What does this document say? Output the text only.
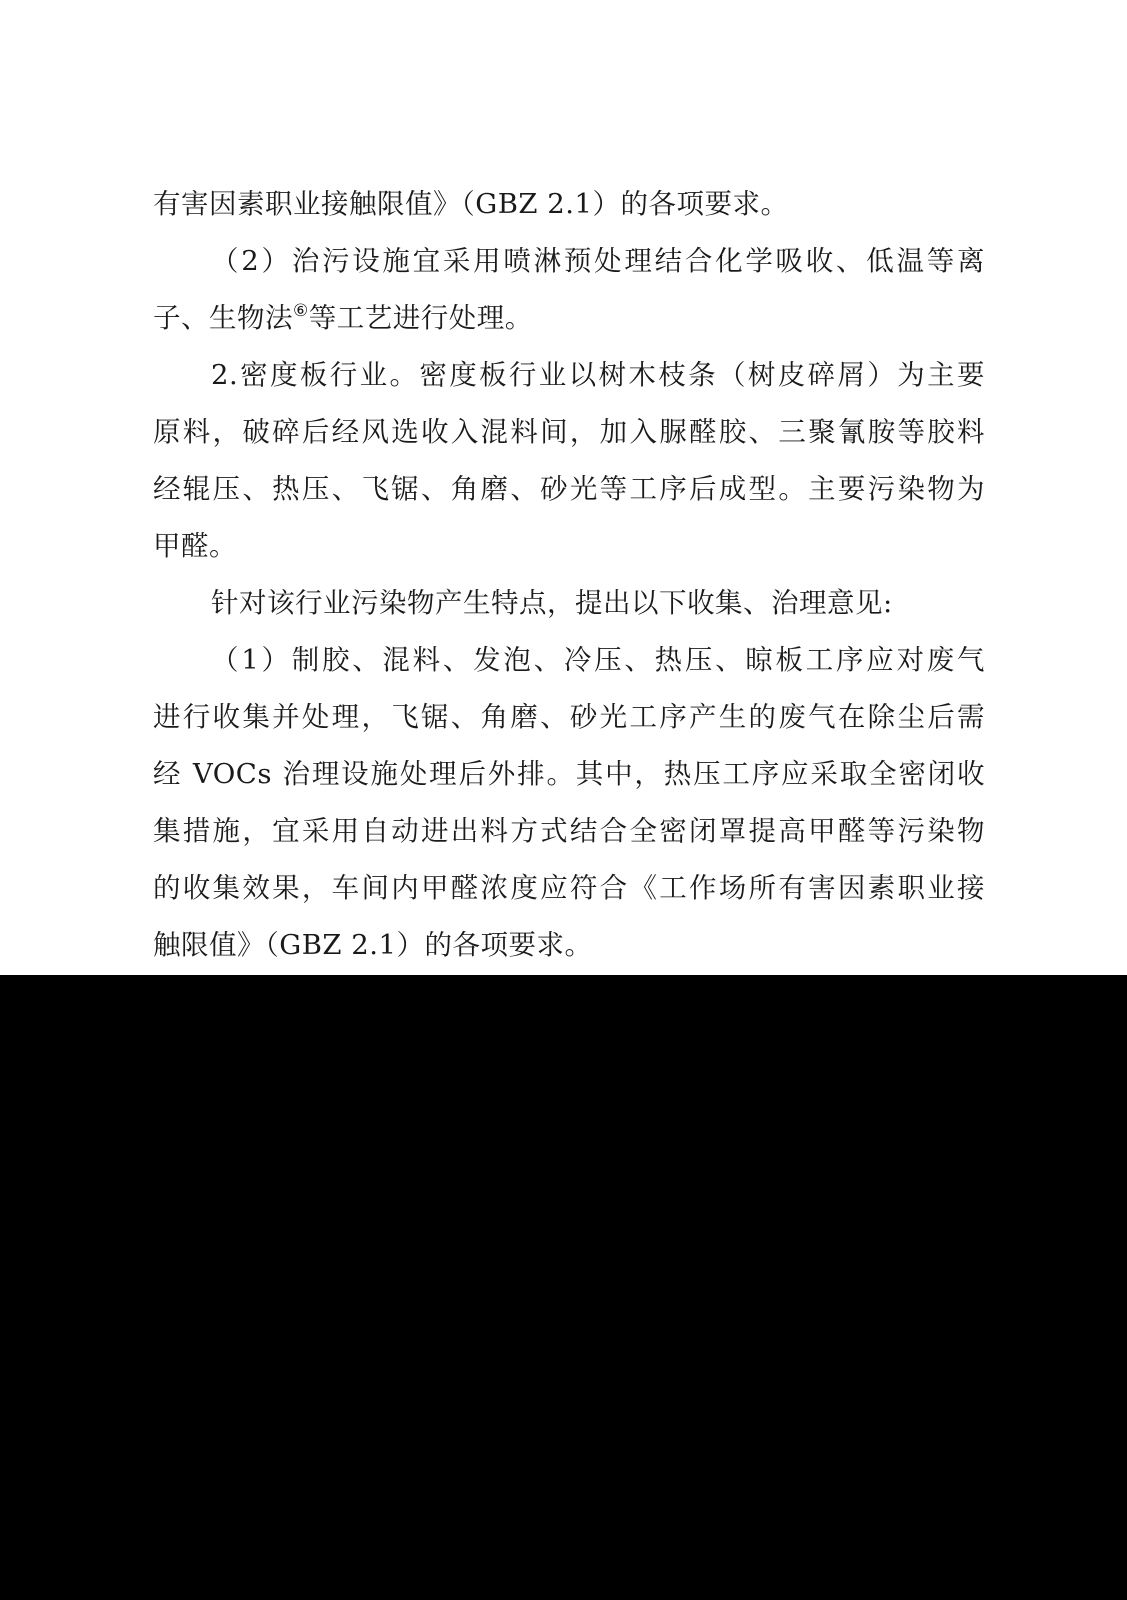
有害因素职业接触限值》（GBZ 2.1）的各项要求。
（2）治污设施宜采用喷淋预处理结合化学吸收、低温等离
子、生物法⑥等工艺进行处理。
2.密度板行业。密度板行业以树木枝条（树皮碎屑）为主要
原料，破碎后经风选收入混料间，加入脲醛胶、三聚氰胺等胶料
经辊压、热压、飞锯、角磨、砂光等工序后成型。主要污染物为
甲醛。
针对该行业污染物产生特点，提出以下收集、治理意见:
（1）制胶、混料、发泡、冷压、热压、晾板工序应对废气
进行收集并处理，飞锯、角磨、砂光工序产生的废气在除尘后需
经 VOCs 治理设施处理后外排。其中，热压工序应采取全密闭收
集措施，宜采用自动进出料方式结合全密闭罩提高甲醛等污染物
的收集效果，车间内甲醛浓度应符合《工作场所有害因素职业接
触限值》（GBZ 2.1）的各项要求。
